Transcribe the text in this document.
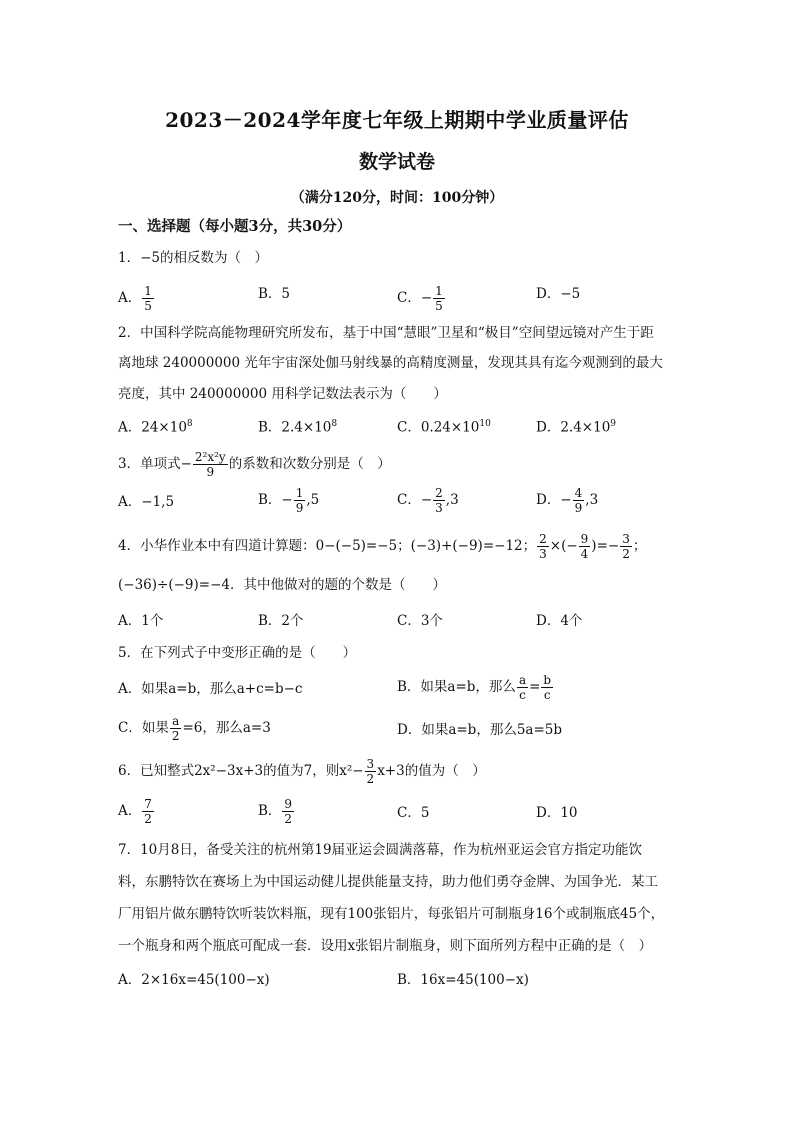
2023－2024学年度七年级上期期中学业质量评估
数学试卷
（满分120分，时间：100分钟）
一、选择题（每小题3分，共30分）
1．−5的相反数为（　）
A． $\frac{1}{5}$	B．5	C．− $\frac{1}{5}$	D．−5
2．中国科学院高能物理研究所发布，基于中国“慧眼”卫星和“极目”空间望远镜对产生于距
离地球 240000000 光年宇宙深处伽马射线暴的高精度测量，发现其具有迄今观测到的最大
亮度，其中 240000000 用科学记数法表示为（　　）
A．$24\times 10^8$	B．$2.4\times 10^8$	C．$0.24\times 10^{10}$	D．$2.4\times 10^9$
3．单项式− $\frac{\text{2²x²y}}{9}$ 的系数和次数分别是（　）
A．−1,5	B．− $\frac{1}{9} ,5$	C．− $\frac{2}{3} ,3$	D．− $\frac{4}{9} ,3$
4．小华作业本中有四道计算题：0−(−5)=−5；(−3)+(−9)=−12； $\frac{2}{3}$ ×(− $\frac{9}{4}$ )=− $\frac{3}{2}$ ；
(−36)÷(−9)=−4．其中他做对的题的个数是（　　）
A．1个	B．2个	C．3个	D．4个
5．在下列式子中变形正确的是（　　）
A．如果a=b，那么a+c=b−c	B．如果a=b，那么 $\frac{a}{c} = \frac{b}{c}$
C．如果 $\frac{a}{2} =6$，那么a=3	D．如果a=b，那么5a=5b
6．已知整式2x²−3x+3的值为7，则$x^2- \frac{3}{2} x+3$的值为（　）
A． $\frac{7}{2}$	B． $\frac{9}{2}$	C．5	D．10
7．10月8日，备受关注的杭州第19届亚运会圆满落幕，作为杭州亚运会官方指定功能饮
料，东鹏特饮在赛场上为中国运动健儿提供能量支持，助力他们勇夺金牌、为国争光．某工
厂用铝片做东鹏特饮听装饮料瓶，现有100张铝片，每张铝片可制瓶身16个或制瓶底45个，
一个瓶身和两个瓶底可配成一套．设用x张铝片制瓶身，则下面所列方程中正确的是（　）
A．2×16x=45(100−x)	B．16x=45(100−x)
